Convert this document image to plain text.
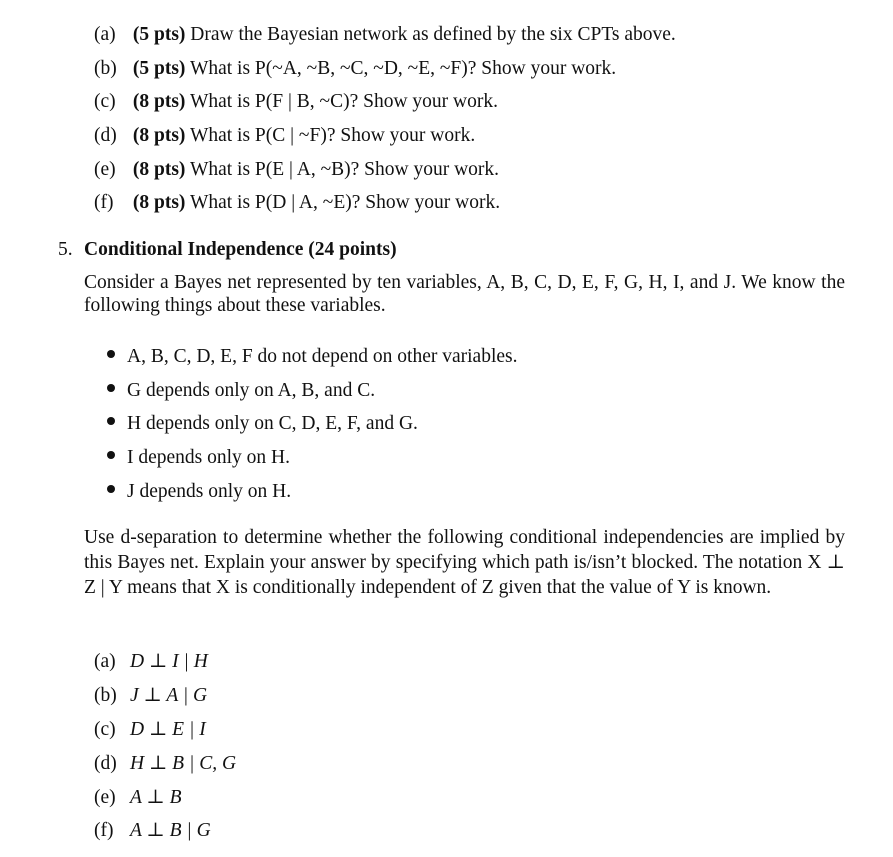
(a) (5 pts) Draw the Bayesian network as defined by the six CPTs above.
(b) (5 pts) What is P(~A, ~B, ~C, ~D, ~E, ~F)? Show your work.
(c) (8 pts) What is P(F | B, ~C)? Show your work.
(d) (8 pts) What is P(C | ~F)? Show your work.
(e) (8 pts) What is P(E | A, ~B)? Show your work.
(f) (8 pts) What is P(D | A, ~E)? Show your work.
5. Conditional Independence (24 points)
Consider a Bayes net represented by ten variables, A, B, C, D, E, F, G, H, I, and J. We know the following things about these variables.
A, B, C, D, E, F do not depend on other variables.
G depends only on A, B, and C.
H depends only on C, D, E, F, and G.
I depends only on H.
J depends only on H.
Use d-separation to determine whether the following conditional independencies are implied by this Bayes net. Explain your answer by specifying which path is/isn’t blocked. The notation X ⊥ Z | Y means that X is conditionally independent of Z given that the value of Y is known.
(a) D ⊥ I | H
(b) J ⊥ A | G
(c) D ⊥ E | I
(d) H ⊥ B | C, G
(e) A ⊥ B
(f) A ⊥ B | G
